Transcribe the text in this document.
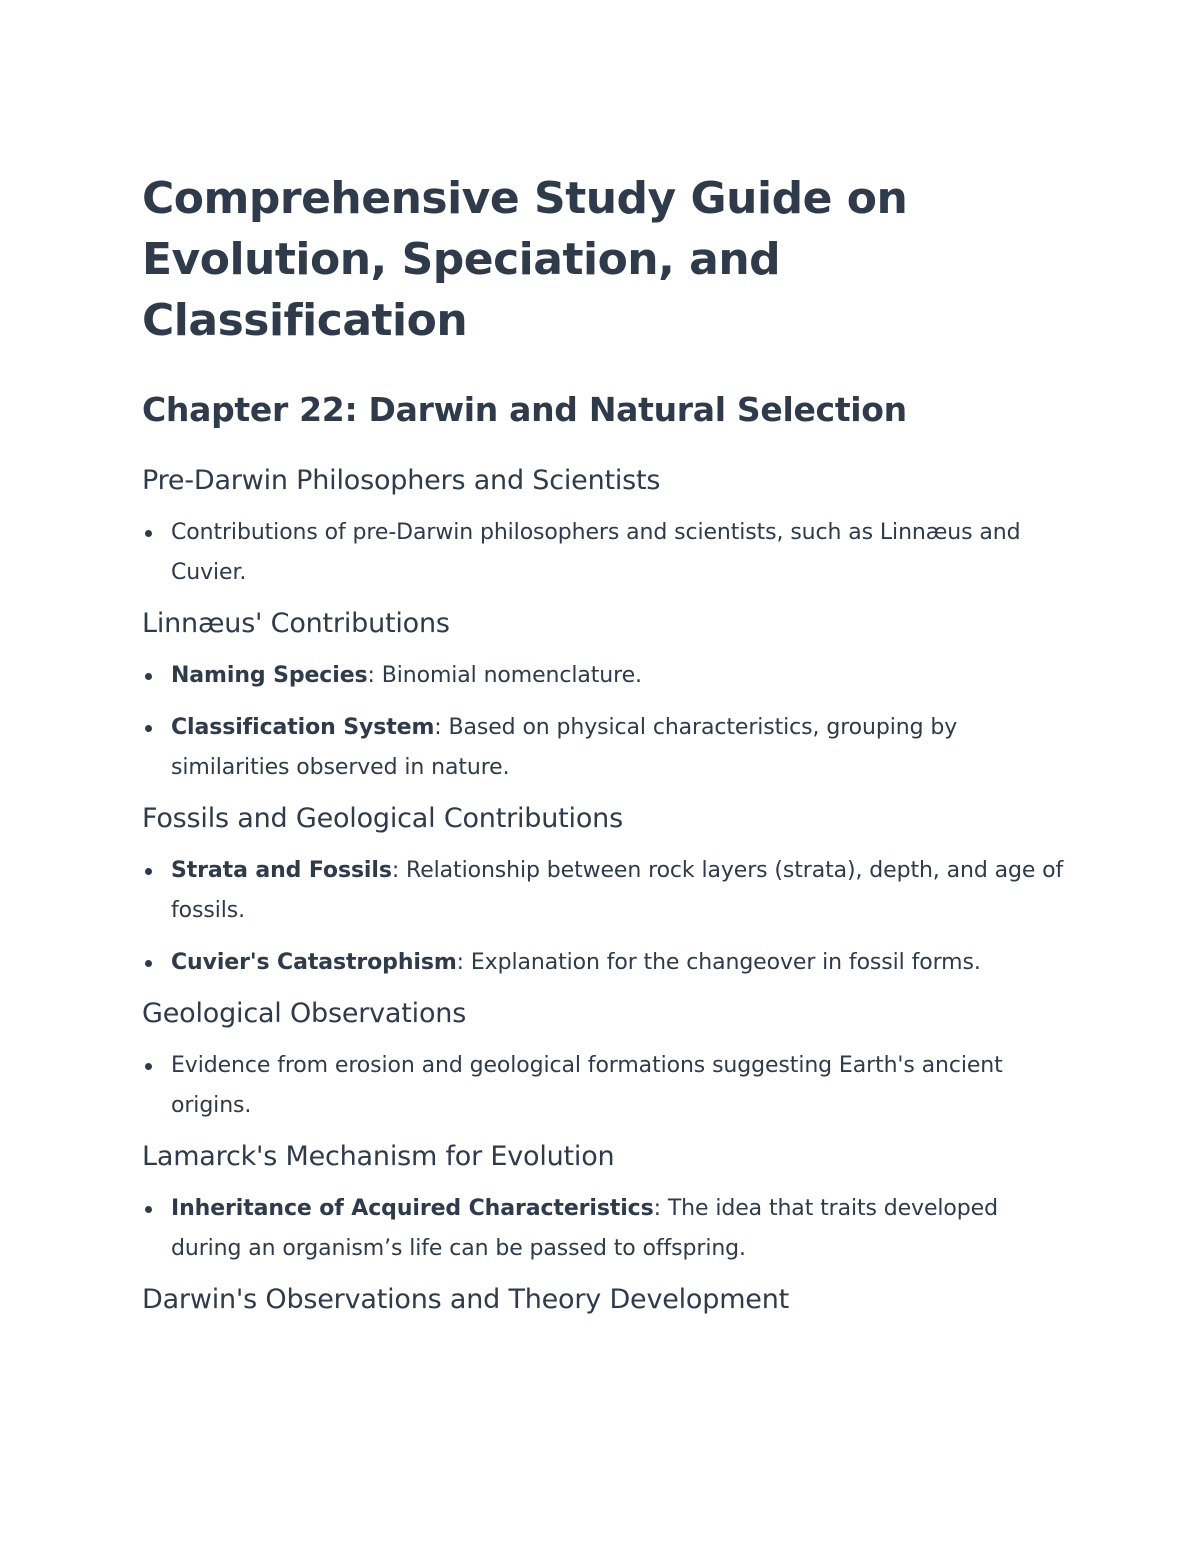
Comprehensive Study Guide on Evolution, Speciation, and Classification
Chapter 22: Darwin and Natural Selection
Pre-Darwin Philosophers and Scientists
Contributions of pre-Darwin philosophers and scientists, such as Linnæus and Cuvier.
Linnæus' Contributions
Naming Species: Binomial nomenclature.
Classification System: Based on physical characteristics, grouping by similarities observed in nature.
Fossils and Geological Contributions
Strata and Fossils: Relationship between rock layers (strata), depth, and age of fossils.
Cuvier's Catastrophism: Explanation for the changeover in fossil forms.
Geological Observations
Evidence from erosion and geological formations suggesting Earth's ancient origins.
Lamarck's Mechanism for Evolution
Inheritance of Acquired Characteristics: The idea that traits developed during an organism’s life can be passed to offspring.
Darwin's Observations and Theory Development
